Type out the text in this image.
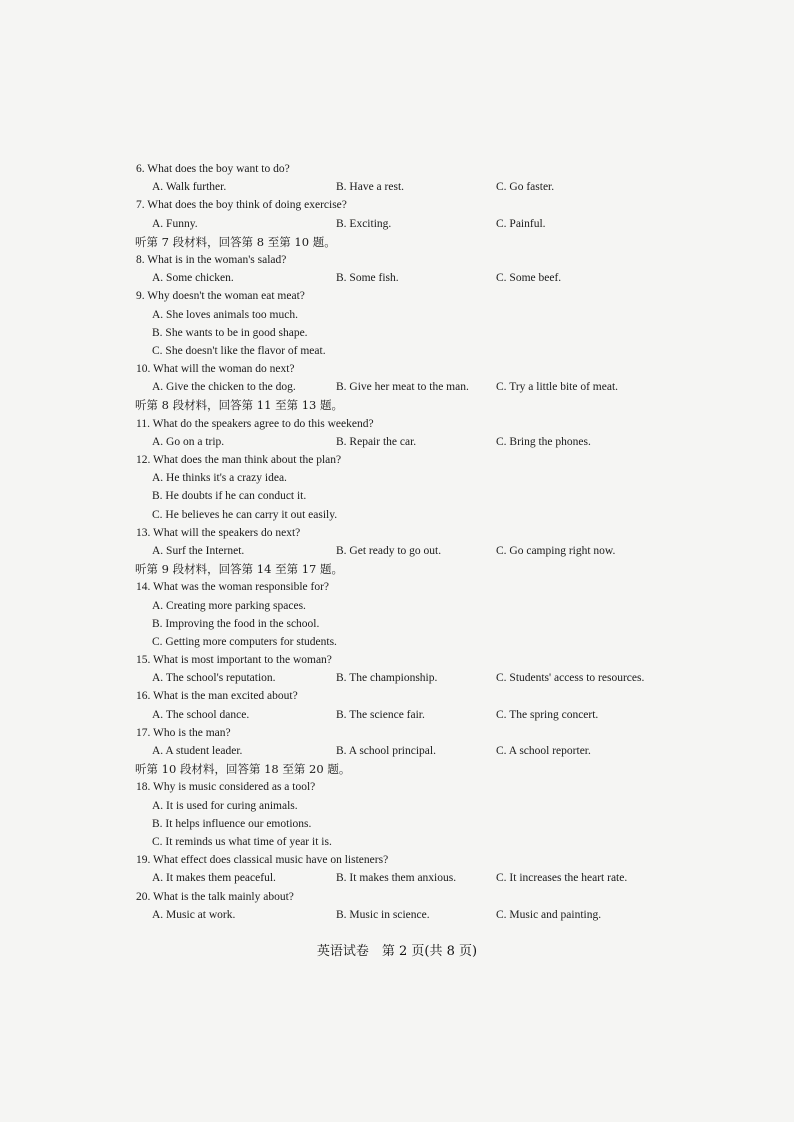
6. What does the boy want to do?
A. Walk further.	B. Have a rest.	C. Go faster.
7. What does the boy think of doing exercise?
A. Funny.	B. Exciting.	C. Painful.
听第 7 段材料，回答第 8 至第 10 题。
8. What is in the woman's salad?
A. Some chicken.	B. Some fish.	C. Some beef.
9. Why doesn't the woman eat meat?
A. She loves animals too much.
B. She wants to be in good shape.
C. She doesn't like the flavor of meat.
10. What will the woman do next?
A. Give the chicken to the dog.	B. Give her meat to the man. C. Try a little bite of meat.
听第 8 段材料，回答第 11 至第 13 题。
11. What do the speakers agree to do this weekend?
A. Go on a trip.	B. Repair the car.	C. Bring the phones.
12. What does the man think about the plan?
A. He thinks it's a crazy idea.
B. He doubts if he can conduct it.
C. He believes he can carry it out easily.
13. What will the speakers do next?
A. Surf the Internet.	B. Get ready to go out.	C. Go camping right now.
听第 9 段材料，回答第 14 至第 17 题。
14. What was the woman responsible for?
A. Creating more parking spaces.
B. Improving the food in the school.
C. Getting more computers for students.
15. What is most important to the woman?
A. The school's reputation.	B. The championship.	C. Students' access to resources.
16. What is the man excited about?
A. The school dance.	B. The science fair.	C. The spring concert.
17. Who is the man?
A. A student leader.	B. A school principal.	C. A school reporter.
听第 10 段材料，回答第 18 至第 20 题。
18. Why is music considered as a tool?
A. It is used for curing animals.
B. It helps influence our emotions.
C. It reminds us what time of year it is.
19. What effect does classical music have on listeners?
A. It makes them peaceful.	B. It makes them anxious.	C. It increases the heart rate.
20. What is the talk mainly about?
A. Music at work.	B. Music in science.	C. Music and painting.
英语试卷　第 2 页(共 8 页)
